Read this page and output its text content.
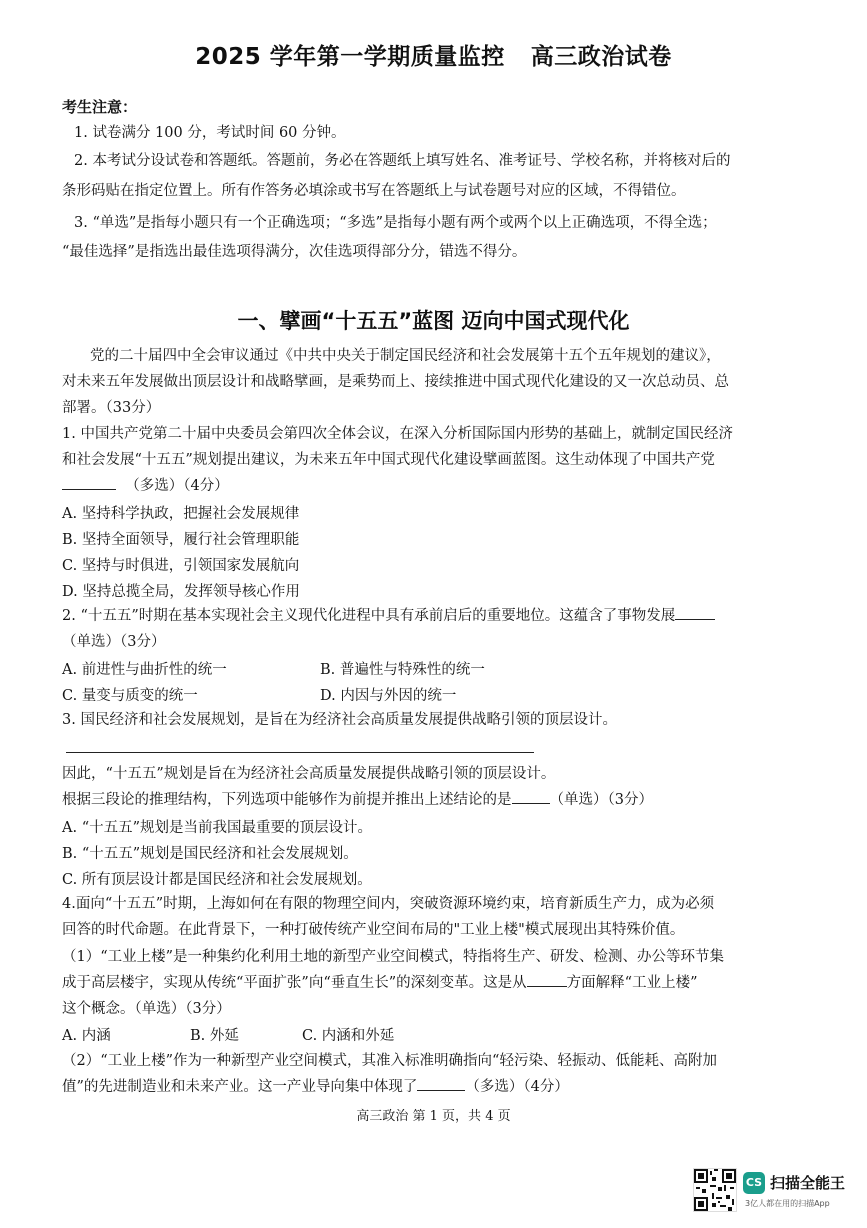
2025 学年第一学期质量监控 高三政治试卷
考生注意：
1. 试卷满分 100 分，考试时间 60 分钟。
2. 本考试分设试卷和答题纸。答题前，务必在答题纸上填写姓名、准考证号、学校名称，并将核对后的
条形码贴在指定位置上。所有作答务必填涂或书写在答题纸上与试卷题号对应的区域，不得错位。
3. “单选”是指每小题只有一个正确选项；“多选”是指每小题有两个或两个以上正确选项，不得全选；
“最佳选择”是指选出最佳选项得满分，次佳选项得部分分，错选不得分。
一、擘画“十五五”蓝图 迈向中国式现代化
党的二十届四中全会审议通过《中共中央关于制定国民经济和社会发展第十五个五年规划的建议》，
对未来五年发展做出顶层设计和战略擘画，是乘势而上、接续推进中国式现代化建设的又一次总动员、总
部署。（33分）
1. 中国共产党第二十届中央委员会第四次全体会议，在深入分析国际国内形势的基础上，就制定国民经济
和社会发展“十五五”规划提出建议，为未来五年中国式现代化建设擘画蓝图。这生动体现了中国共产党
（多选）（4分）
A. 坚持科学执政，把握社会发展规律
B. 坚持全面领导，履行社会管理职能
C. 坚持与时俱进，引领国家发展航向
D. 坚持总揽全局，发挥领导核心作用
2. “十五五”时期在基本实现社会主义现代化进程中具有承前启后的重要地位。这蕴含了事物发展
（单选）（3分）
A. 前进性与曲折性的统一	B. 普遍性与特殊性的统一
C. 量变与质变的统一	D. 内因与外因的统一
3. 国民经济和社会发展规划，是旨在为经济社会高质量发展提供战略引领的顶层设计。
因此，“十五五”规划是旨在为经济社会高质量发展提供战略引领的顶层设计。
根据三段论的推理结构，下列选项中能够作为前提并推出上述结论的是	（单选）（3分）
A. “十五五”规划是当前我国最重要的顶层设计。
B. “十五五”规划是国民经济和社会发展规划。
C. 所有顶层设计都是国民经济和社会发展规划。
4.面向“十五五”时期，上海如何在有限的物理空间内，突破资源环境约束，培育新质生产力，成为必须
回答的时代命题。在此背景下，一种打破传统产业空间布局的"工业上楼"模式展现出其特殊价值。
（1）“工业上楼”是一种集约化利用土地的新型产业空间模式，特指将生产、研发、检测、办公等环节集
成于高层楼宇，实现从传统“平面扩张”向“垂直生长”的深刻变革。这是从	方面解释“工业上楼”
这个概念。（单选）（3分）
A. 内涵	B. 外延	C. 内涵和外延
（2）“工业上楼”作为一种新型产业空间模式，其准入标准明确指向“轻污染、轻振动、低能耗、高附加
值”的先进制造业和未来产业。这一产业导向集中体现了	（多选）（4分）
高三政治 第 1 页，共 4 页
CS 扫描全能王
3亿人都在用的扫描App
